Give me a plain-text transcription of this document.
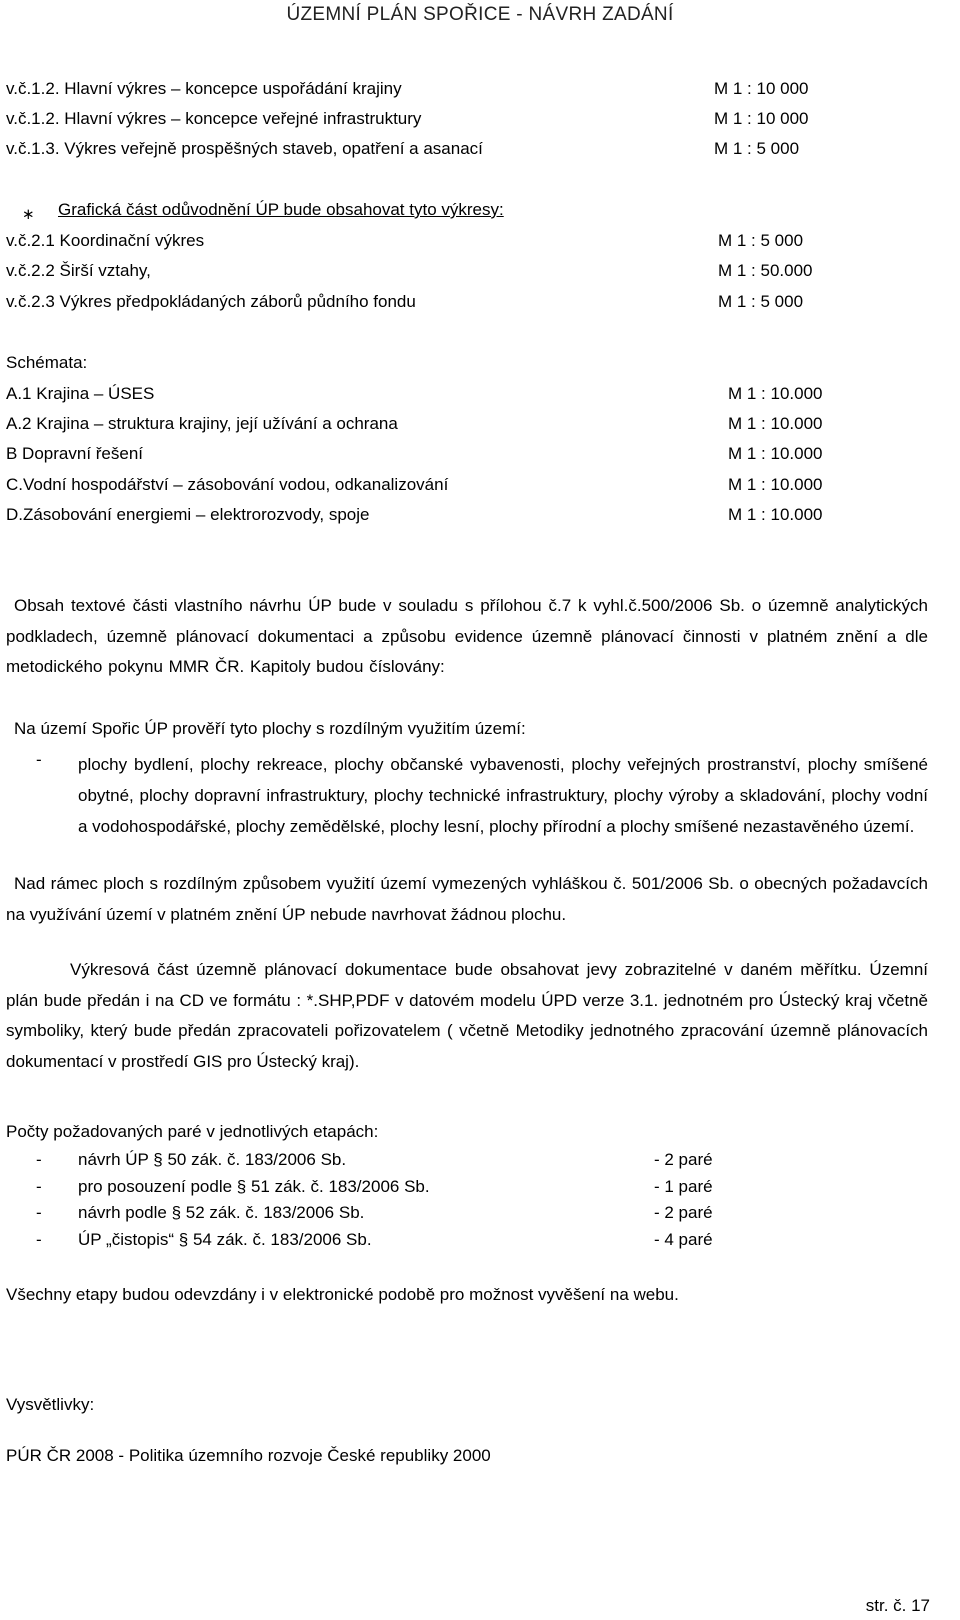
ÚZEMNÍ PLÁN SPOŘICE - NÁVRH ZADÁNÍ
v.č.1.2. Hlavní výkres – koncepce uspořádání krajiny	M 1 : 10 000
v.č.1.2. Hlavní výkres – koncepce veřejné infrastruktury	M 1 : 10 000
v.č.1.3. Výkres veřejně prospěšných staveb, opatření a asanací	M 1 : 5 000
∗ Grafická část odůvodnění ÚP bude obsahovat tyto výkresy:
v.č.2.1 Koordinační výkres	M 1 : 5 000
v.č.2.2 Širší vztahy,	M 1 : 50.000
v.č.2.3 Výkres předpokládaných záborů půdního fondu	M 1 : 5 000
Schémata:
A.1 Krajina – ÚSES	M 1 : 10.000
A.2 Krajina – struktura krajiny, její užívání a ochrana	M 1 : 10.000
B Dopravní řešení	M 1 : 10.000
C.Vodní hospodářství – zásobování vodou, odkanalizování	M 1 : 10.000
D.Zásobování energiemi – elektrorozvody, spoje	M 1 : 10.000
Obsah textové části vlastního návrhu ÚP bude v souladu s přílohou č.7 k vyhl.č.500/2006 Sb. o územně analytických podkladech, územně plánovací dokumentaci a způsobu evidence územně plánovací činnosti v platném znění a dle metodického pokynu MMR ČR. Kapitoly budou číslovány:
Na území Spořic ÚP prověří tyto plochy s rozdílným využitím území:
- plochy bydlení, plochy rekreace, plochy občanské vybavenosti, plochy veřejných prostranství, plochy smíšené obytné, plochy dopravní infrastruktury, plochy technické infrastruktury, plochy výroby a skladování, plochy vodní a vodohospodářské, plochy zemědělské, plochy lesní, plochy přírodní a plochy smíšené nezastavěného území.
Nad rámec ploch s rozdílným způsobem využití území vymezených vyhláškou č. 501/2006 Sb. o obecných požadavcích na využívání území v platném znění ÚP nebude navrhovat žádnou plochu.
Výkresová část územně plánovací dokumentace bude obsahovat jevy zobrazitelné v daném měřítku. Územní plán bude předán i na CD ve formátu : *.SHP,PDF v datovém modelu ÚPD verze 3.1. jednotném pro Ústecký kraj včetně symboliky, který bude předán zpracovateli pořizovatelem ( včetně Metodiky jednotného zpracování územně plánovacích dokumentací v prostředí GIS pro Ústecký kraj).
Počty požadovaných paré v jednotlivých etapách:
- návrh ÚP § 50 zák. č. 183/2006 Sb.	- 2 paré
- pro posouzení podle § 51 zák. č. 183/2006 Sb.	- 1 paré
- návrh podle § 52 zák. č. 183/2006 Sb.	- 2 paré
- ÚP „čistopis“ § 54 zák. č. 183/2006 Sb.	- 4 paré
Všechny etapy budou odevzdány i v elektronické podobě pro možnost vyvěšení na webu.
Vysvětlivky:
PÚR ČR 2008 - Politika územního rozvoje České republiky 2000
str. č. 17
